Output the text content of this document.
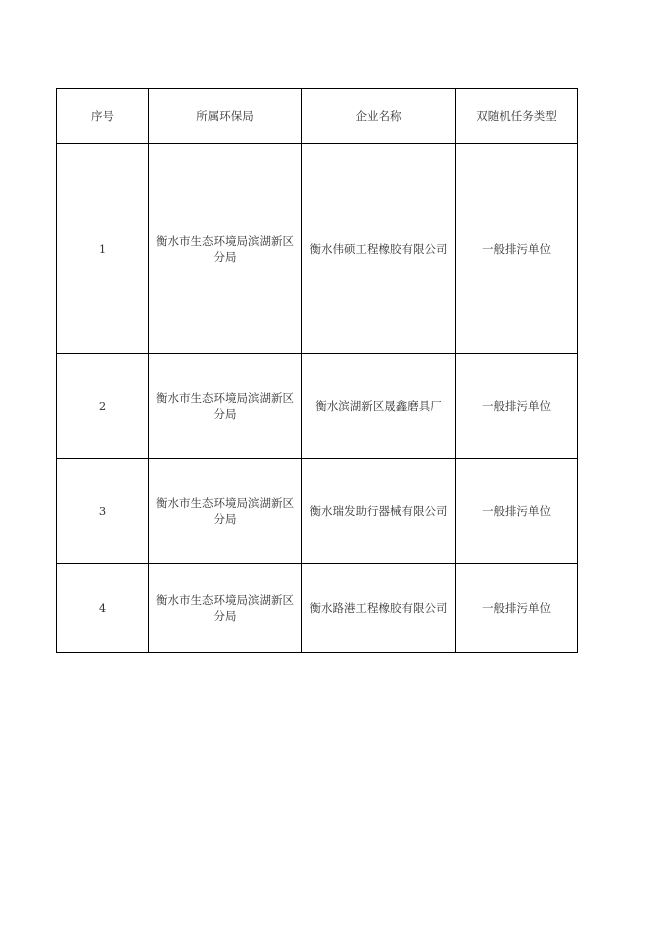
序号	所属环保局	企业名称	双随机任务类型
1	衡水市生态环境局滨湖新区分局	衡水伟硕工程橡胶有限公司	一般排污单位
2	衡水市生态环境局滨湖新区分局	衡水滨湖新区晟鑫磨具厂	一般排污单位
3	衡水市生态环境局滨湖新区分局	衡水瑞发助行器械有限公司	一般排污单位
4	衡水市生态环境局滨湖新区分局	衡水路港工程橡胶有限公司	一般排污单位
